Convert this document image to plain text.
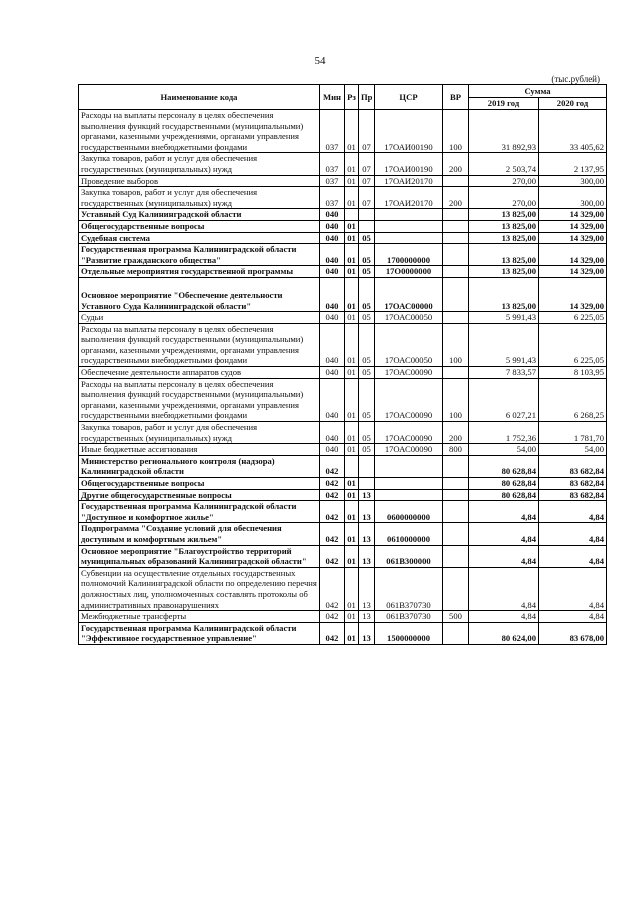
54
(тыс.рублей)
Наименование кода	Мин	Рз	Пр	ЦСР	ВР	Сумма	
						2019 год	2020 год
Расходы на выплаты персоналу в целях обеспечения выполнения функций государственными (муниципальными) органами, казенными учреждениями, органами управления государственными внебюджетными фондами	037	01	07	17ОАИ00190	100	31 892,93	33 405,62
Закупка товаров, работ и услуг для обеспечения государственных (муниципальных) нужд	037	01	07	17ОАИ00190	200	2 503,74	2 137,95
Проведение выборов	037	01	07	17ОАИ20170		270,00	300,00
Закупка товаров, работ и услуг для обеспечения государственных (муниципальных) нужд	037	01	07	17ОАИ20170	200	270,00	300,00
Уставный Суд Калининградской области	040					13 825,00	14 329,00
Общегосударственные вопросы	040	01				13 825,00	14 329,00
Судебная система	040	01	05			13 825,00	14 329,00
Государственная программа Калининградской области "Развитие гражданского общества"	040	01	05	1700000000		13 825,00	14 329,00
Отдельные мероприятия государственной программы	040	01	05	17О0000000		13 825,00	14 329,00
Основное мероприятие "Обеспечение деятельности Уставного Суда Калининградской области"	040	01	05	17ОАС00000		13 825,00	14 329,00
Судьи	040	01	05	17ОАС00050		5 991,43	6 225,05
Расходы на выплаты персоналу в целях обеспечения выполнения функций государственными (муниципальными) органами, казенными учреждениями, органами управления государственными внебюджетными фондами	040	01	05	17ОАС00050	100	5 991,43	6 225,05
Обеспечение деятельности аппаратов судов	040	01	05	17ОАС00090		7 833,57	8 103,95
Расходы на выплаты персоналу в целях обеспечения выполнения функций государственными (муниципальными) органами, казенными учреждениями, органами управления государственными внебюджетными фондами	040	01	05	17ОАС00090	100	6 027,21	6 268,25
Закупка товаров, работ и услуг для обеспечения государственных (муниципальных) нужд	040	01	05	17ОАС00090	200	1 752,36	1 781,70
Иные бюджетные ассигнования	040	01	05	17ОАС00090	800	54,00	54,00
Министерство регионального контроля (надзора) Калининградской области	042					80 628,84	83 682,84
Общегосударственные вопросы	042	01				80 628,84	83 682,84
Другие общегосударственные вопросы	042	01	13			80 628,84	83 682,84
Государственная программа Калининградской области "Доступное и комфортное жилье"	042	01	13	0600000000		4,84	4,84
Подпрограмма "Создание условий для обеспечения доступным и комфортным жильем"	042	01	13	0610000000		4,84	4,84
Основное мероприятие "Благоустройство территорий муниципальных образований Калининградской области"	042	01	13	061В300000		4,84	4,84
Субвенции на осуществление отдельных государственных полномочий Калининградской области по определению перечня должностных лиц, уполномоченных составлять протоколы об административных правонарушениях	042	01	13	061В370730		4,84	4,84
Межбюджетные трансферты	042	01	13	061В370730	500	4,84	4,84
Государственная программа Калининградской области "Эффективное государственное управление"	042	01	13	1500000000		80 624,00	83 678,00
